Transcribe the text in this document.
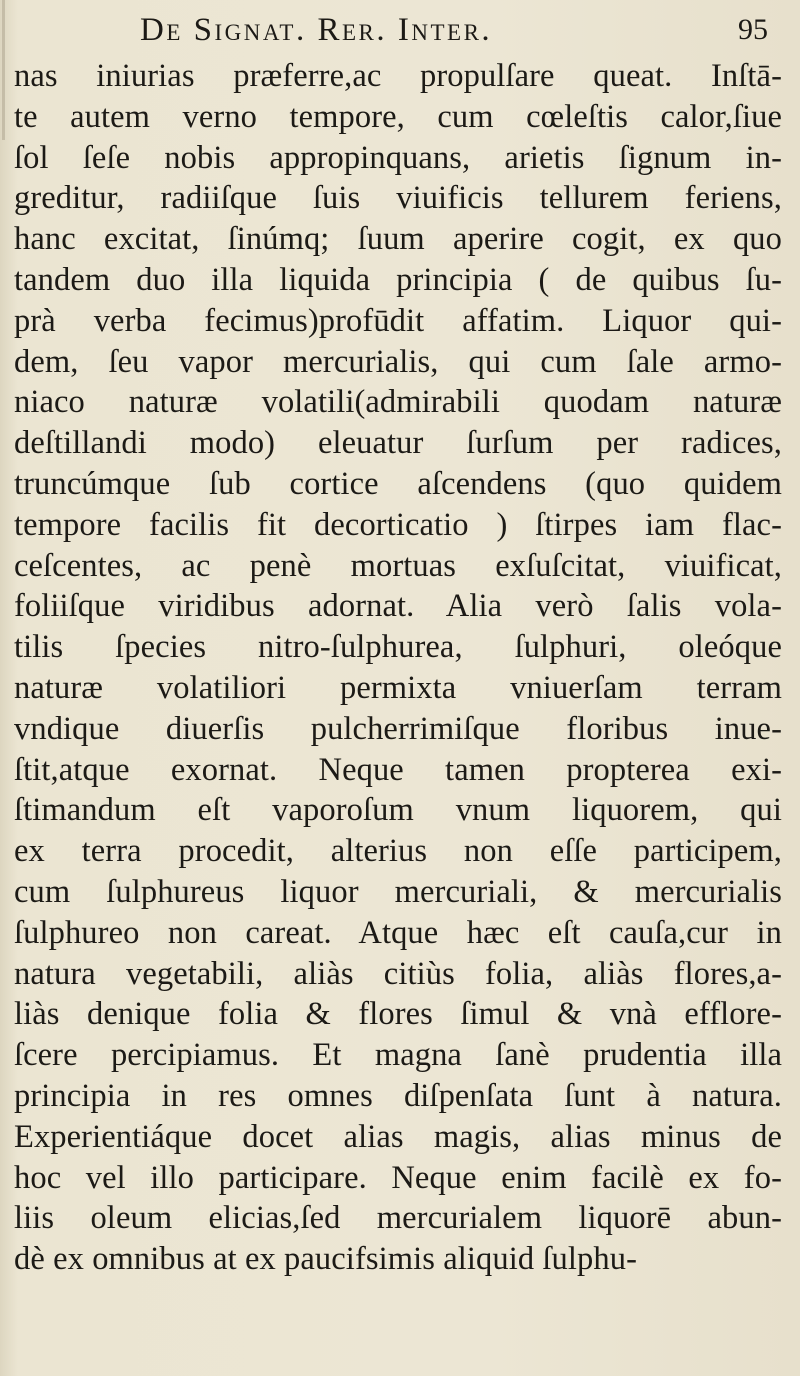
De Signat. Rer. Inter.	95
nas iniurias præferre,ac propulſare queat. Inſtā-
te autem verno tempore, cum cœleſtis calor,ſiue
ſol ſeſe nobis appropinquans, arietis ſignum in-
greditur, radiiſque ſuis viuificis tellurem feriens,
hanc excitat, ſinúmq; ſuum aperire cogit, ex quo
tandem duo illa liquida principia ( de quibus ſu-
prà verba fecimus)profūdit affatim. Liquor qui-
dem, ſeu vapor mercurialis, qui cum ſale armo-
niaco naturæ volatili(admirabili quodam naturæ
deſtillandi modo) eleuatur ſurſum per radices,
truncúmque ſub cortice aſcendens (quo quidem
tempore facilis fit decorticatio ) ſtirpes iam flac-
ceſcentes, ac penè mortuas exſuſcitat, viuificat,
foliiſque viridibus adornat. Alia verò ſalis vola-
tilis ſpecies nitro-ſulphurea, ſulphuri, oleóque
naturæ volatiliori permixta vniuerſam terram
vndique diuerſis pulcherrimiſque floribus inue-
ſtit,atque exornat. Neque tamen propterea exi-
ſtimandum eſt vaporoſum vnum liquorem, qui
ex terra procedit, alterius non eſſe participem,
cum ſulphureus liquor mercuriali, & mercurialis
ſulphureo non careat. Atque hæc eſt cauſa,cur in
natura vegetabili, aliàs citiùs folia, aliàs flores,a-
liàs denique folia & flores ſimul & vnà efflore-
ſcere percipiamus. Et magna ſanè prudentia illa
principia in res omnes diſpenſata ſunt à natura.
Experientiáque docet alias magis, alias minus de
hoc vel illo participare. Neque enim facilè ex fo-
liis oleum elicias,ſed mercurialem liquorē abun-
dè ex omnibus at ex paucifsimis aliquid ſulphu-
